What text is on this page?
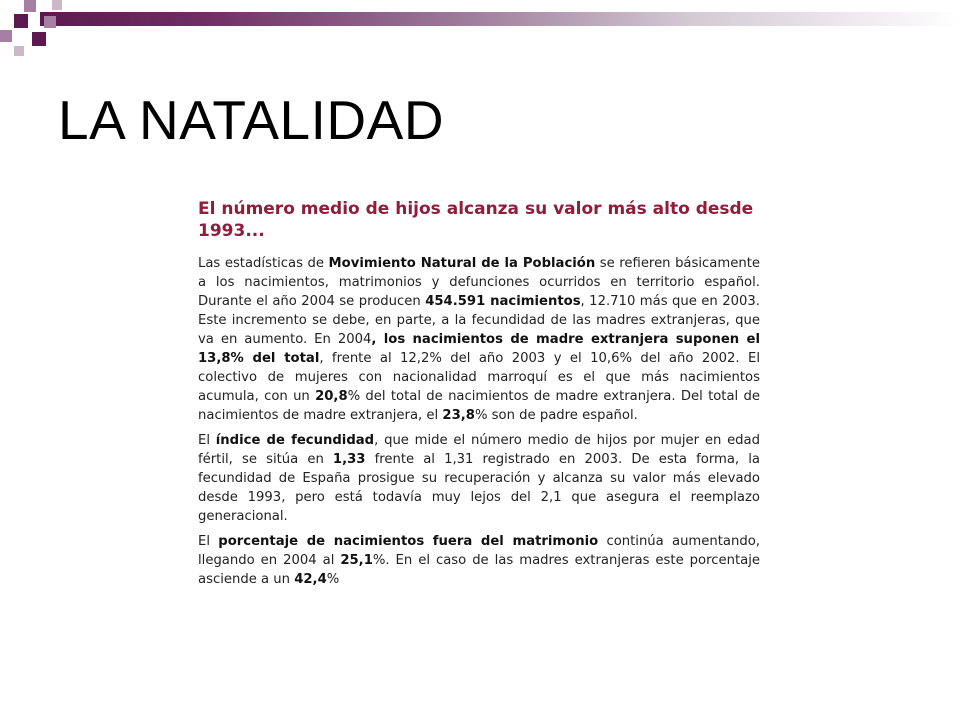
LA NATALIDAD
El número medio de hijos alcanza su valor más alto desde 1993...

Las estadísticas de Movimiento Natural de la Población se refieren básicamente a los nacimientos, matrimonios y defunciones ocurridos en territorio español. Durante el año 2004 se producen 454.591 nacimientos, 12.710 más que en 2003. Este incremento se debe, en parte, a la fecundidad de las madres extranjeras, que va en aumento. En 2004, los nacimientos de madre extranjera suponen el 13,8% del total, frente al 12,2% del año 2003 y el 10,6% del año 2002. El colectivo de mujeres con nacionalidad marroquí es el que más nacimientos acumula, con un 20,8% del total de nacimientos de madre extranjera. Del total de nacimientos de madre extranjera, el 23,8% son de padre español.

El índice de fecundidad, que mide el número medio de hijos por mujer en edad fértil, se sitúa en 1,33 frente al 1,31 registrado en 2003. De esta forma, la fecundidad de España prosigue su recuperación y alcanza su valor más elevado desde 1993, pero está todavía muy lejos del 2,1 que asegura el reemplazo generacional.

El porcentaje de nacimientos fuera del matrimonio continúa aumentando, llegando en 2004 al 25,1%. En el caso de las madres extranjeras este porcentaje asciende a un 42,4%
